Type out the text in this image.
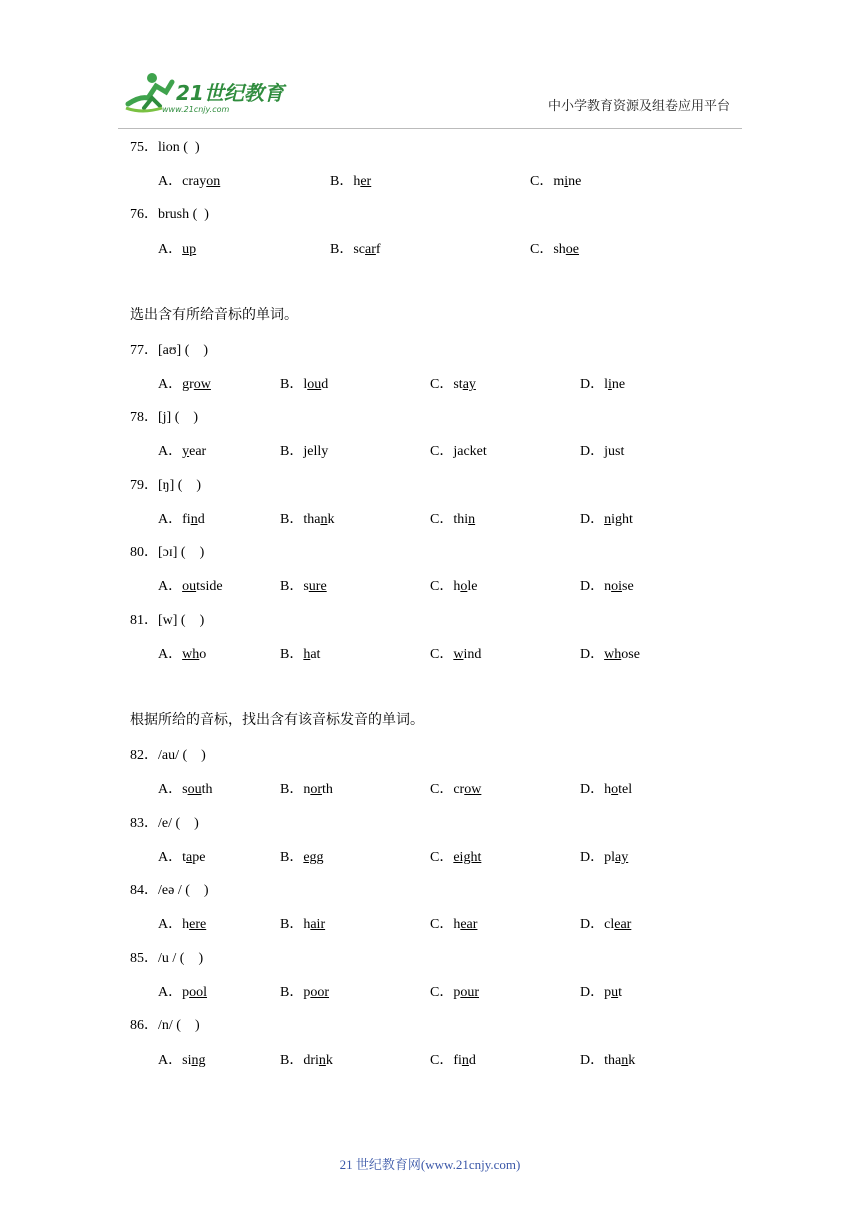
21世纪教育
www.21cnjy.com	中小学教育资源及组卷应用平台
75．lion (  )
A．crayon	B．her	C．mine
76．brush (  )
A．up	B．scarf	C．shoe
选出含有所给音标的单词。
77．[aʊ] (    )
A．grow	B．loud	C．stay	D．line
78．[j] (    )
A．year	B．jelly	C．jacket	D．just
79．[ŋ] (    )
A．find	B．thank	C．thin	D．night
80．[ɔɪ] (    )
A．outside	B．sure	C．hole	D．noise
81．[w] (    )
A．who	B．hat	C．wind	D．whose
根据所给的音标，找出含有该音标发音的单词。
82．/au/ (    )
A．south	B．north	C．crow	D．hotel
83．/e/ (    )
A．tape	B．egg	C．eight	D．play
84．/eə / (    )
A．here	B．hair	C．hear	D．clear
85．/u / (    )
A．pool	B．poor	C．pour	D．put
86．/n/ (    )
A．sing	B．drink	C．find	D．thank
21 世纪教育网(www.21cnjy.com)
